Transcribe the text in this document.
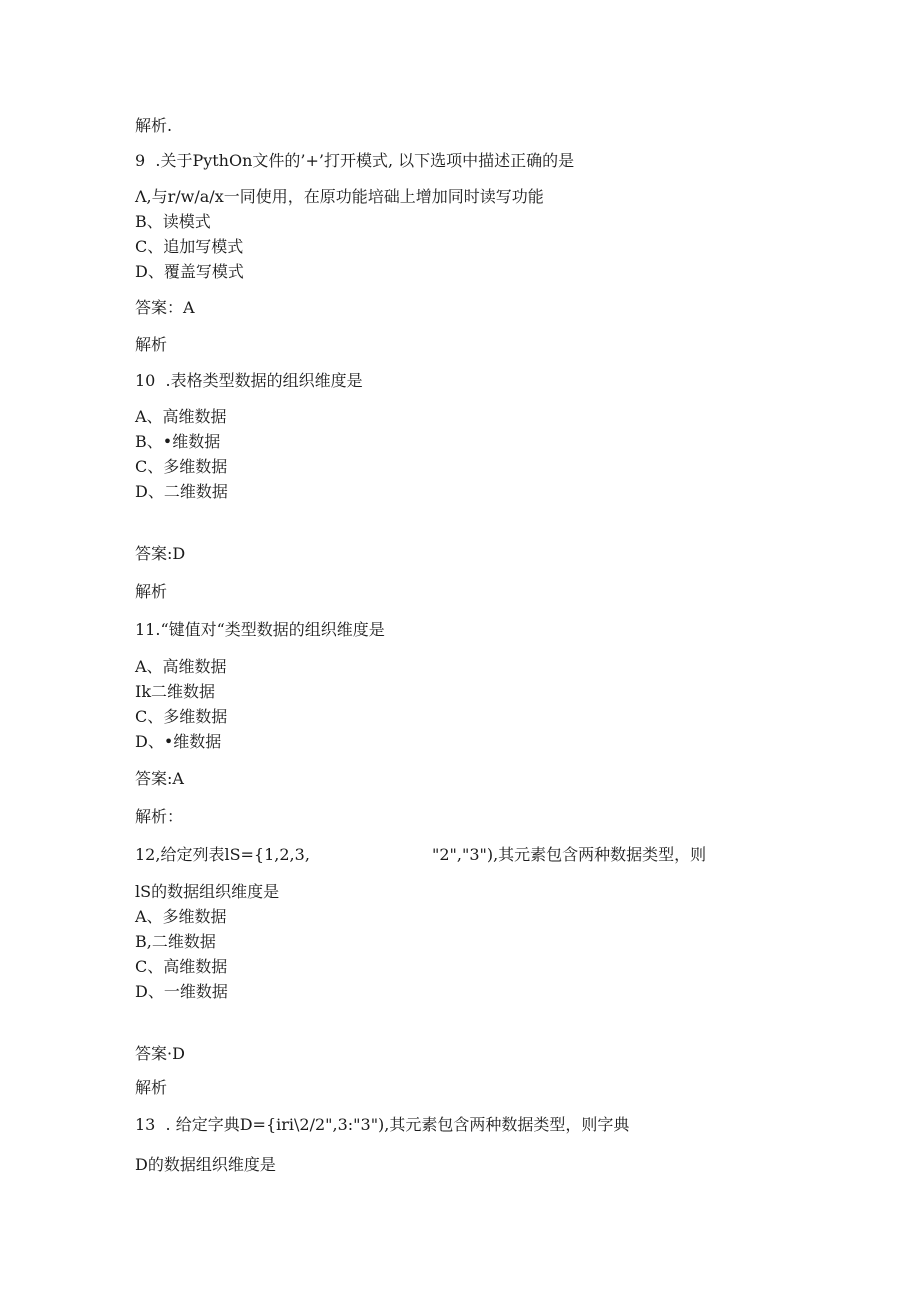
解析.
9  .关于PythOn文件的’+’打开模式, 以下选项中描述正确的是
Λ,与r/w/a/x一同使用，在原功能培础上增加同时读写功能
B、读模式
C、追加写模式
D、覆盖写模式
答案：A
解析
10  .表格类型数据的组织维度是
A、高维数据
B、•维数据
C、多维数据
D、二维数据
答案:D
解析
11.“键值对“类型数据的组织维度是
A、高维数据
Ik二维数据
C、多维数据
D、•维数据
答案:A
解析：
12,给定列表lS={1,2,3,                        "2","3"),其元素包含两种数据类型，则
lS的数据组织维度是
A、多维数据
B,二维数据
C、高维数据
D、一维数据
答案·D
解析
13  . 给定字典D={iri\2/2",3:"3"),其元素包含两种数据类型，则字典
D的数据组织维度是
